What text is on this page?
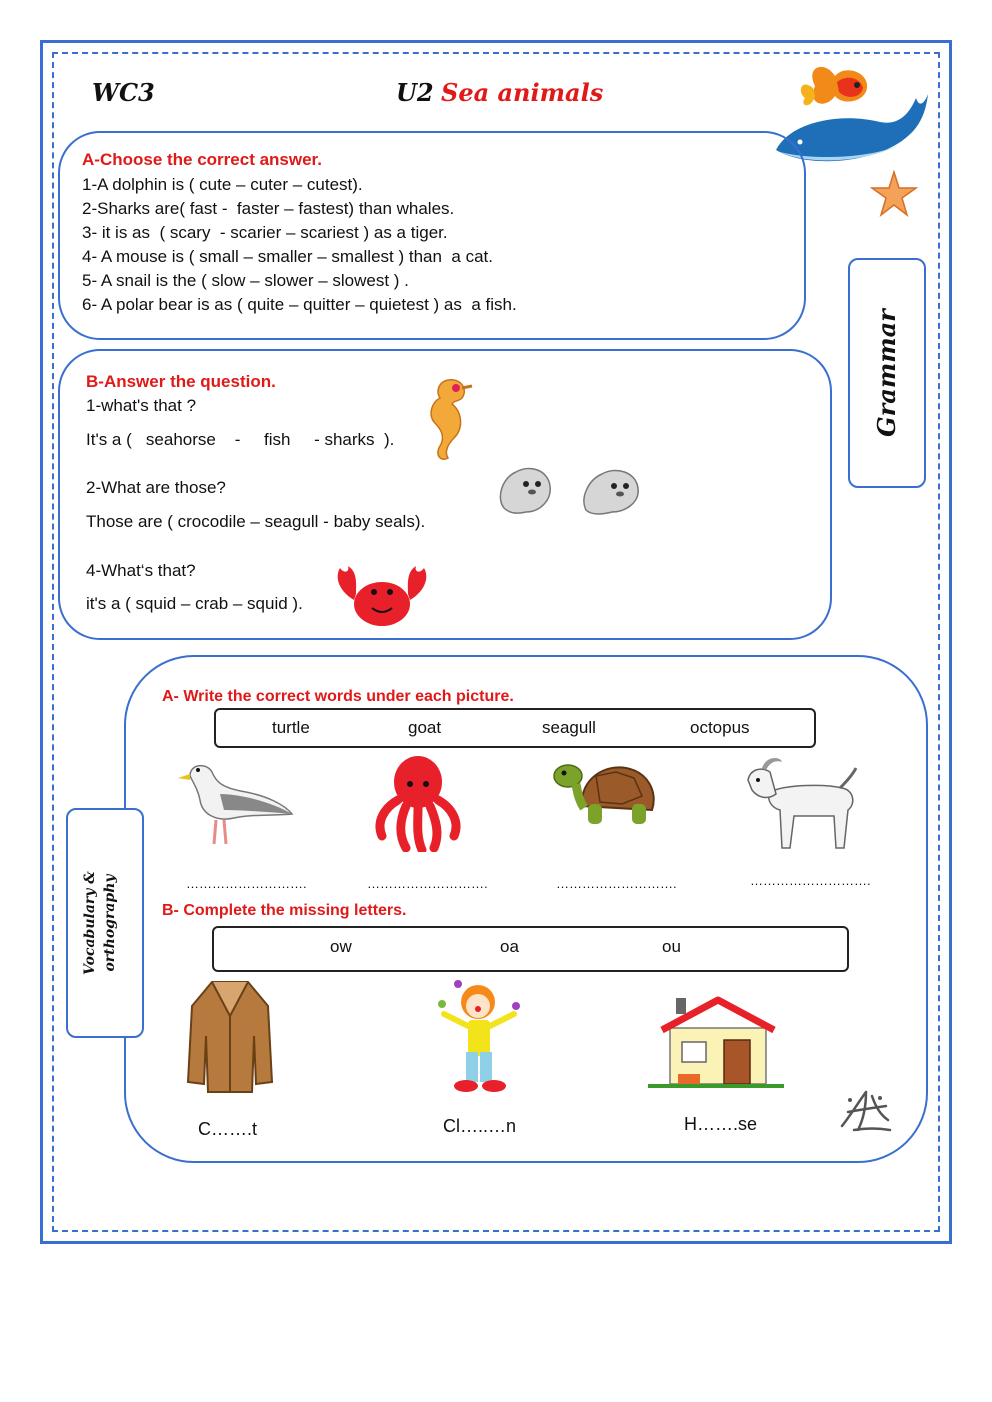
WC3	U2 Sea animals
A-Choose the correct answer.
1-A dolphin is ( cute – cuter – cutest).
2-Sharks are( fast -  faster – fastest) than whales.
3- it is as  ( scary  - scarier – scariest ) as a tiger.
4- A mouse is ( small – smaller – smallest ) than  a cat.
5- A snail is the ( slow – slower – slowest ) .
6- A polar bear is as ( quite – quitter – quietest ) as  a fish.
Grammar
B-Answer the question.
1-what's that ?
It's a (   seahorse    -     fish     - sharks  ).
2-What are those?
Those are ( crocodile – seagull - baby seals).
4-What‘s that?
it's a ( squid – crab – squid ).
Vocabulary & orthography
A- Write the correct words under each picture.
turtle	goat	seagull	octopus
……………………….	……………………….	……………………….	……………………….
B- Complete the missing letters.
ow	oa	ou
C…….t	Cl…..…n	H…….se
